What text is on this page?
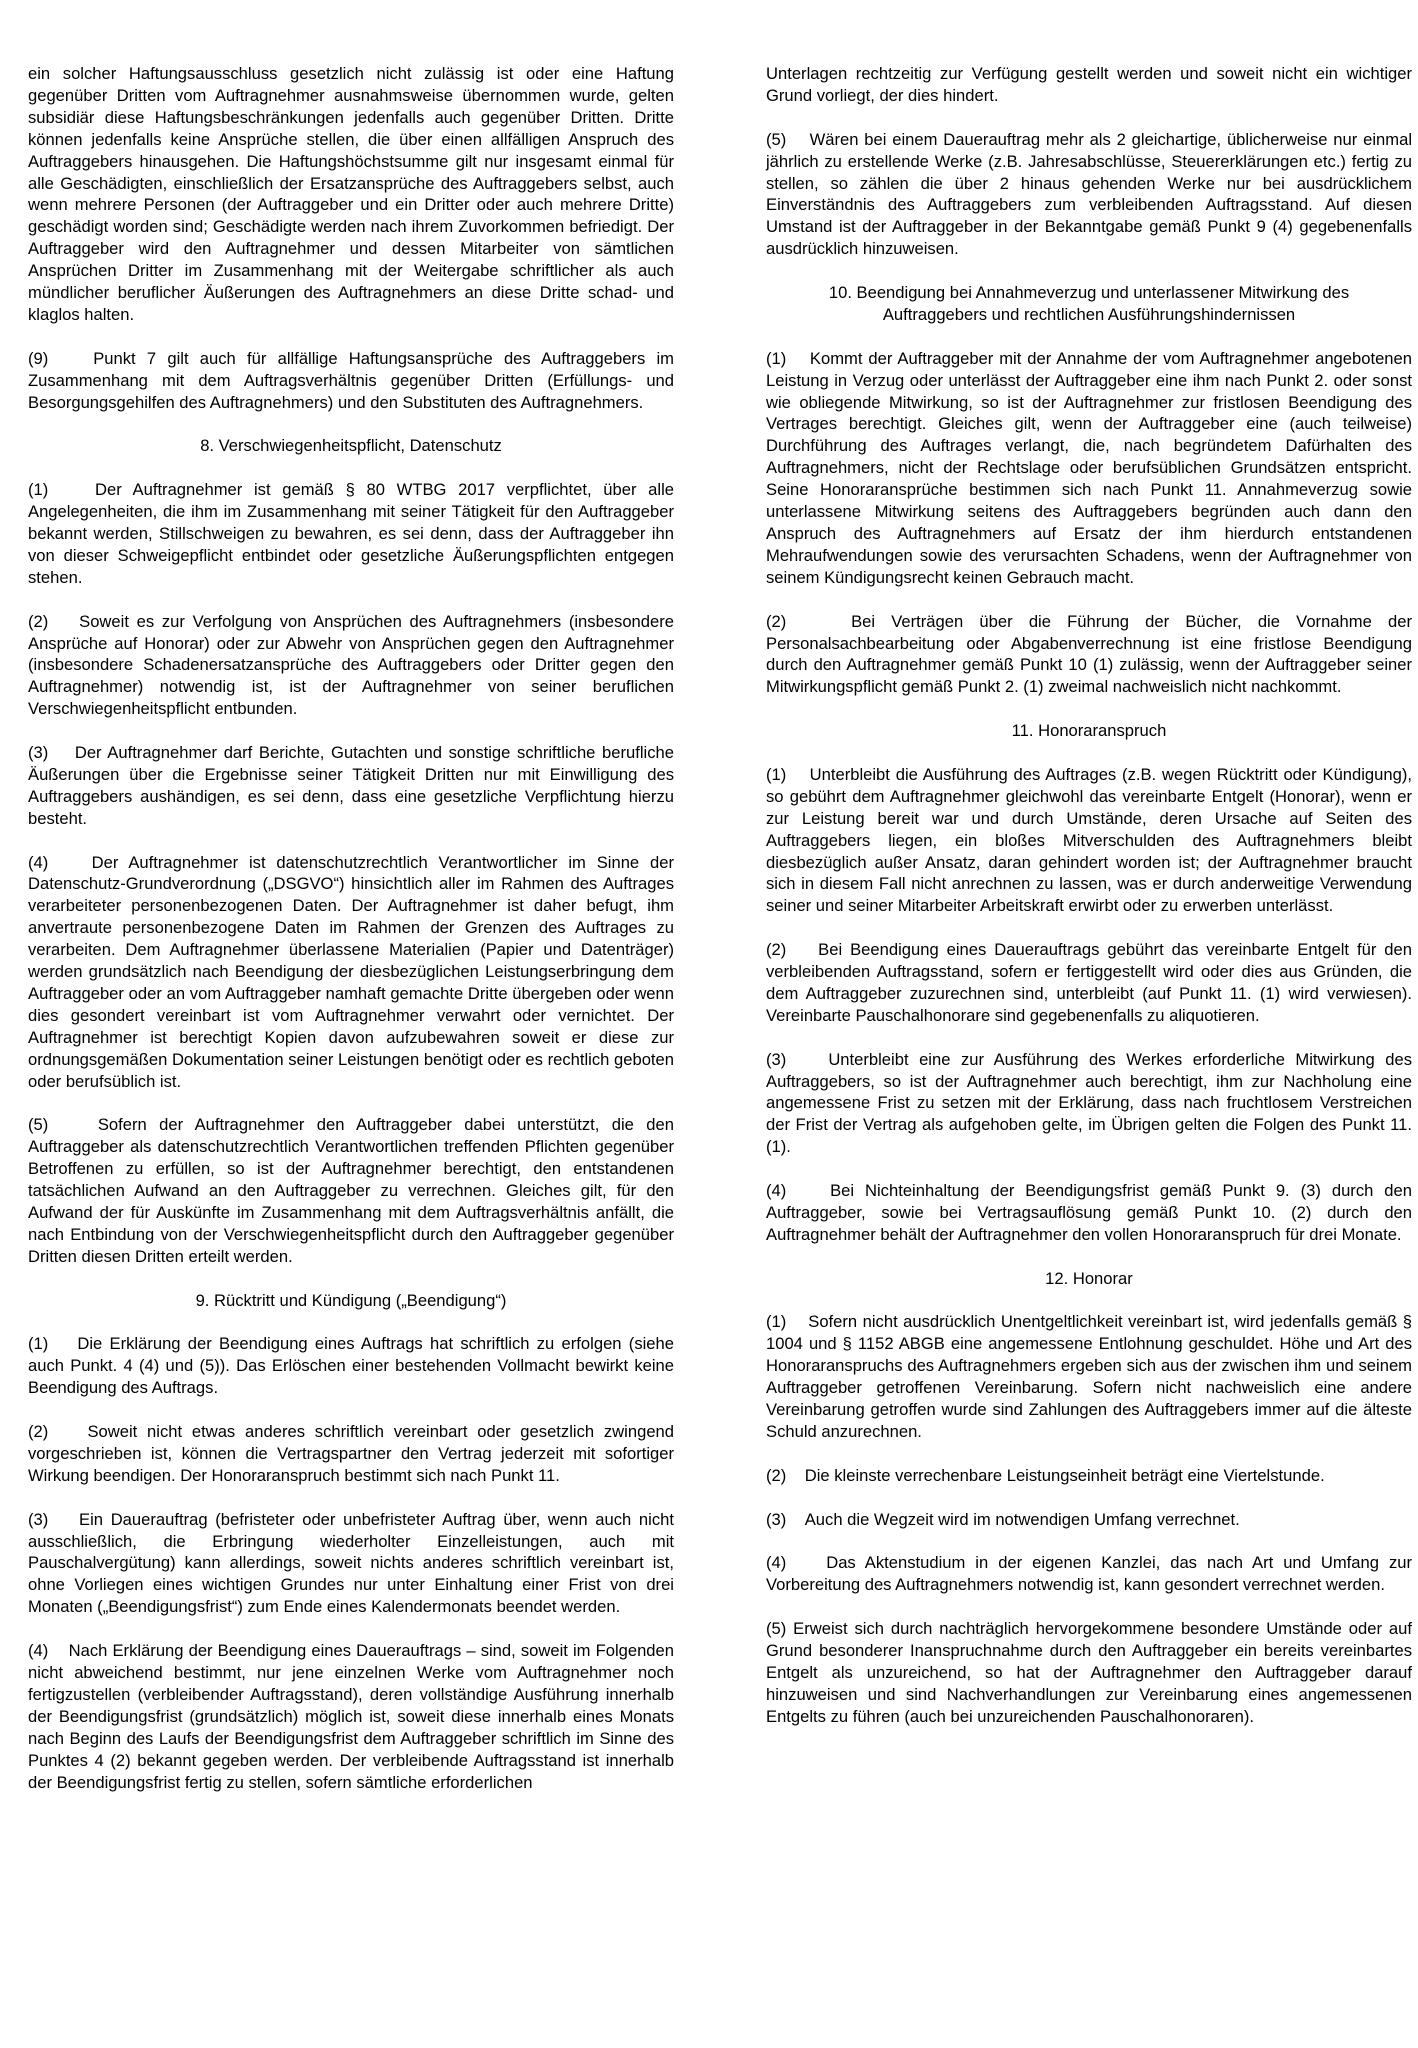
ein solcher Haftungsausschluss gesetzlich nicht zulässig ist oder eine Haftung gegenüber Dritten vom Auftragnehmer ausnahmsweise übernommen wurde, gelten subsidiär diese Haftungsbeschränkungen jedenfalls auch gegenüber Dritten. Dritte können jedenfalls keine Ansprüche stellen, die über einen allfälligen Anspruch des Auftraggebers hinausgehen. Die Haftungshöchstsumme gilt nur insgesamt einmal für alle Geschädigten, einschließlich der Ersatzansprüche des Auftraggebers selbst, auch wenn mehrere Personen (der Auftraggeber und ein Dritter oder auch mehrere Dritte) geschädigt worden sind; Geschädigte werden nach ihrem Zuvorkommen befriedigt. Der Auftraggeber wird den Auftragnehmer und dessen Mitarbeiter von sämtlichen Ansprüchen Dritter im Zusammenhang mit der Weitergabe schriftlicher als auch mündlicher beruflicher Äußerungen des Auftragnehmers an diese Dritte schad- und klaglos halten.

(9)    Punkt 7 gilt auch für allfällige Haftungsansprüche des Auftraggebers im Zusammenhang mit dem Auftragsverhältnis gegenüber Dritten (Erfüllungs- und Besorgungsgehilfen des Auftragnehmers) und den Substituten des Auftragnehmers.

8. Verschwiegenheitspflicht, Datenschutz

(1)    Der Auftragnehmer ist gemäß § 80 WTBG 2017 verpflichtet, über alle Angelegenheiten, die ihm im Zusammenhang mit seiner Tätigkeit für den Auftraggeber bekannt werden, Stillschweigen zu bewahren, es sei denn, dass der Auftraggeber ihn von dieser Schweigepflicht entbindet oder gesetzliche Äußerungspflichten entgegen stehen.

(2)    Soweit es zur Verfolgung von Ansprüchen des Auftragnehmers (insbesondere Ansprüche auf Honorar) oder zur Abwehr von Ansprüchen gegen den Auftragnehmer (insbesondere Schadenersatzansprüche des Auftraggebers oder Dritter gegen den Auftragnehmer) notwendig ist, ist der Auftragnehmer von seiner beruflichen Verschwiegenheitspflicht entbunden.

(3)    Der Auftragnehmer darf Berichte, Gutachten und sonstige schriftliche berufliche Äußerungen über die Ergebnisse seiner Tätigkeit Dritten nur mit Einwilligung des Auftraggebers aushändigen, es sei denn, dass eine gesetzliche Verpflichtung hierzu besteht.

(4)    Der Auftragnehmer ist datenschutzrechtlich Verantwortlicher im Sinne der Datenschutz-Grundverordnung („DSGVO“) hinsichtlich aller im Rahmen des Auftrages verarbeiteter personenbezogenen Daten. Der Auftragnehmer ist daher befugt, ihm anvertraute personenbezogene Daten im Rahmen der Grenzen des Auftrages zu verarbeiten. Dem Auftragnehmer überlassene Materialien (Papier und Datenträger) werden grundsätzlich nach Beendigung der diesbezüglichen Leistungserbringung dem Auftraggeber oder an vom Auftraggeber namhaft gemachte Dritte übergeben oder wenn dies gesondert vereinbart ist vom Auftragnehmer verwahrt oder vernichtet. Der Auftragnehmer ist berechtigt Kopien davon aufzubewahren soweit er diese zur ordnungsgemäßen Dokumentation seiner Leistungen benötigt oder es rechtlich geboten oder berufsüblich ist.

(5)    Sofern der Auftragnehmer den Auftraggeber dabei unterstützt, die den Auftraggeber als datenschutzrechtlich Verantwortlichen treffenden Pflichten gegenüber Betroffenen zu erfüllen, so ist der Auftragnehmer berechtigt, den entstandenen tatsächlichen Aufwand an den Auftraggeber zu verrechnen. Gleiches gilt, für den Aufwand der für Auskünfte im Zusammenhang mit dem Auftragsverhältnis anfällt, die nach Entbindung von der Verschwiegenheitspflicht durch den Auftraggeber gegenüber Dritten diesen Dritten erteilt werden.

9. Rücktritt und Kündigung („Beendigung“)

(1)    Die Erklärung der Beendigung eines Auftrags hat schriftlich zu erfolgen (siehe auch Punkt. 4 (4) und (5)). Das Erlöschen einer bestehenden Vollmacht bewirkt keine Beendigung des Auftrags.

(2)    Soweit nicht etwas anderes schriftlich vereinbart oder gesetzlich zwingend vorgeschrieben ist, können die Vertragspartner den Vertrag jederzeit mit sofortiger Wirkung beendigen. Der Honoraranspruch bestimmt sich nach Punkt 11.

(3)    Ein Dauerauftrag (befristeter oder unbefristeter Auftrag über, wenn auch nicht ausschließlich, die Erbringung wiederholter Einzelleistungen, auch mit Pauschalvergütung) kann allerdings, soweit nichts anderes schriftlich vereinbart ist, ohne Vorliegen eines wichtigen Grundes nur unter Einhaltung einer Frist von drei Monaten („Beendigungsfrist“) zum Ende eines Kalendermonats beendet werden.

(4)    Nach Erklärung der Beendigung eines Dauerauftrags – sind, soweit im Folgenden nicht abweichend bestimmt, nur jene einzelnen Werke vom Auftragnehmer noch fertigzustellen (verbleibender Auftragsstand), deren vollständige Ausführung innerhalb der Beendigungsfrist (grundsätzlich) möglich ist, soweit diese innerhalb eines Monats nach Beginn des Laufs der Beendigungsfrist dem Auftraggeber schriftlich im Sinne des Punktes 4 (2) bekannt gegeben werden. Der verbleibende Auftragsstand ist innerhalb der Beendigungsfrist fertig zu stellen, sofern sämtliche erforderlichen

Unterlagen rechtzeitig zur Verfügung gestellt werden und soweit nicht ein wichtiger Grund vorliegt, der dies hindert.

(5)    Wären bei einem Dauerauftrag mehr als 2 gleichartige, üblicherweise nur einmal jährlich zu erstellende Werke (z.B. Jahresabschlüsse, Steuererklärungen etc.) fertig zu stellen, so zählen die über 2 hinaus gehenden Werke nur bei ausdrücklichem Einverständnis des Auftraggebers zum verbleibenden Auftragsstand. Auf diesen Umstand ist der Auftraggeber in der Bekanntgabe gemäß Punkt 9 (4) gegebenenfalls ausdrücklich hinzuweisen.

10. Beendigung bei Annahmeverzug und unterlassener Mitwirkung des
Auftraggebers und rechtlichen Ausführungshindernissen

(1)    Kommt der Auftraggeber mit der Annahme der vom Auftragnehmer angebotenen Leistung in Verzug oder unterlässt der Auftraggeber eine ihm nach Punkt 2. oder sonst wie obliegende Mitwirkung, so ist der Auftragnehmer zur fristlosen Beendigung des Vertrages berechtigt. Gleiches gilt, wenn der Auftraggeber eine (auch teilweise) Durchführung des Auftrages verlangt, die, nach begründetem Dafürhalten des Auftragnehmers, nicht der Rechtslage oder berufsüblichen Grundsätzen entspricht. Seine Honoraransprüche bestimmen sich nach Punkt 11. Annahmeverzug sowie unterlassene Mitwirkung seitens des Auftraggebers begründen auch dann den Anspruch des Auftragnehmers auf Ersatz der ihm hierdurch entstandenen Mehraufwendungen sowie des verursachten Schadens, wenn der Auftragnehmer von seinem Kündigungsrecht keinen Gebrauch macht.

(2)    Bei Verträgen über die Führung der Bücher, die Vornahme der Personalsachbearbeitung oder Abgabenverrechnung ist eine fristlose Beendigung durch den Auftragnehmer gemäß Punkt 10 (1) zulässig, wenn der Auftraggeber seiner Mitwirkungspflicht gemäß Punkt 2. (1) zweimal nachweislich nicht nachkommt.

11. Honoraranspruch

(1)    Unterbleibt die Ausführung des Auftrages (z.B. wegen Rücktritt oder Kündigung), so gebührt dem Auftragnehmer gleichwohl das vereinbarte Entgelt (Honorar), wenn er zur Leistung bereit war und durch Umstände, deren Ursache auf Seiten des Auftraggebers liegen, ein bloßes Mitverschulden des Auftragnehmers bleibt diesbezüglich außer Ansatz, daran gehindert worden ist; der Auftragnehmer braucht sich in diesem Fall nicht anrechnen zu lassen, was er durch anderweitige Verwendung seiner und seiner Mitarbeiter Arbeitskraft erwirbt oder zu erwerben unterlässt.

(2)    Bei Beendigung eines Dauerauftrags gebührt das vereinbarte Entgelt für den verbleibenden Auftragsstand, sofern er fertiggestellt wird oder dies aus Gründen, die dem Auftraggeber zuzurechnen sind, unterbleibt (auf Punkt 11. (1) wird verwiesen). Vereinbarte Pauschalhonorare sind gegebenenfalls zu aliquotieren.

(3)    Unterbleibt eine zur Ausführung des Werkes erforderliche Mitwirkung des Auftraggebers, so ist der Auftragnehmer auch berechtigt, ihm zur Nachholung eine angemessene Frist zu setzen mit der Erklärung, dass nach fruchtlosem Verstreichen der Frist der Vertrag als aufgehoben gelte, im Übrigen gelten die Folgen des Punkt 11. (1).

(4)    Bei Nichteinhaltung der Beendigungsfrist gemäß Punkt 9. (3) durch den Auftraggeber, sowie bei Vertragsauflösung gemäß Punkt 10. (2) durch den Auftragnehmer behält der Auftragnehmer den vollen Honoraranspruch für drei Monate.

12. Honorar

(1)    Sofern nicht ausdrücklich Unentgeltlichkeit vereinbart ist, wird jedenfalls gemäß § 1004 und § 1152 ABGB eine angemessene Entlohnung geschuldet. Höhe und Art des Honoraranspruchs des Auftragnehmers ergeben sich aus der zwischen ihm und seinem Auftraggeber getroffenen Vereinbarung. Sofern nicht nachweislich eine andere Vereinbarung getroffen wurde sind Zahlungen des Auftraggebers immer auf die älteste Schuld anzurechnen.

(2)    Die kleinste verrechenbare Leistungseinheit beträgt eine Viertelstunde.

(3)    Auch die Wegzeit wird im notwendigen Umfang verrechnet.

(4)    Das Aktenstudium in der eigenen Kanzlei, das nach Art und Umfang zur Vorbereitung des Auftragnehmers notwendig ist, kann gesondert verrechnet werden.

(5) Erweist sich durch nachträglich hervorgekommene besondere Umstände oder auf Grund besonderer Inanspruchnahme durch den Auftraggeber ein bereits vereinbartes Entgelt als unzureichend, so hat der Auftragnehmer den Auftraggeber darauf hinzuweisen und sind Nachverhandlungen zur Vereinbarung eines angemessenen Entgelts zu führen (auch bei unzureichenden Pauschalhonoraren).
